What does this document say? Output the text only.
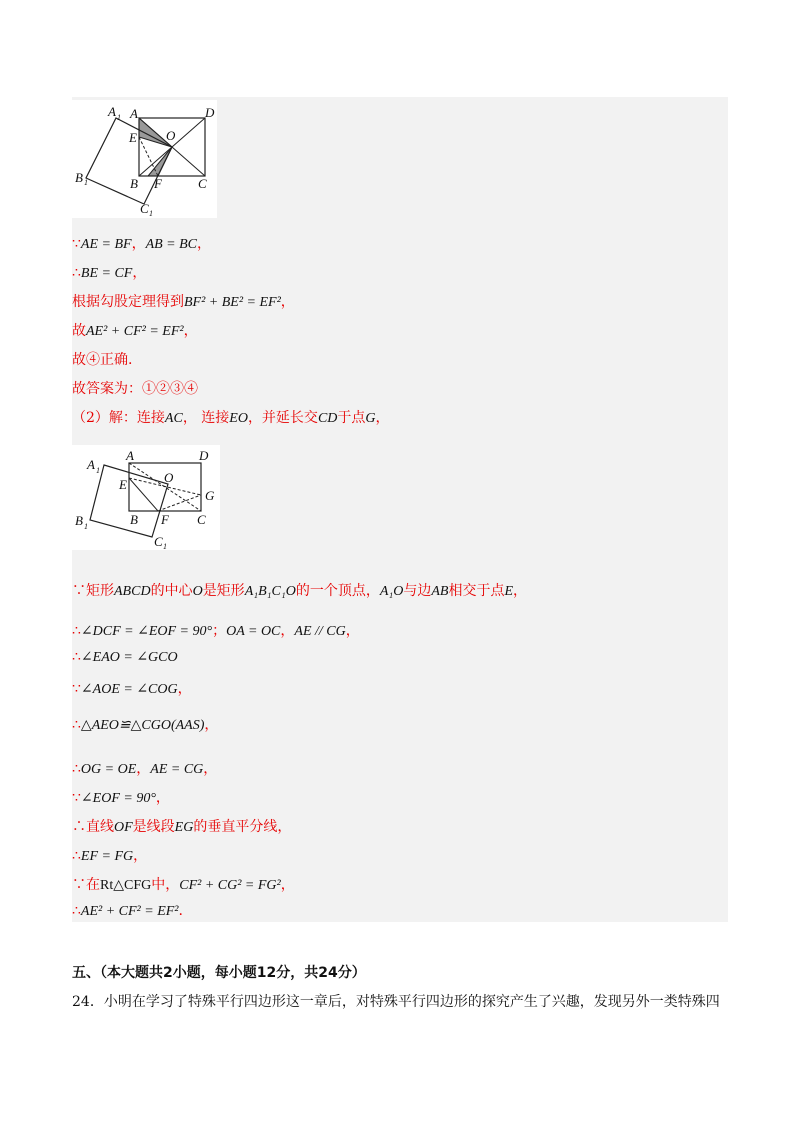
A 1 A	D
O
E
B 1	B F	C
C 1
∵AE = BF，AB = BC，
∴BE = CF，
根据勾股定理得到BF² + BE² = EF²，
故AE² + CF² = EF²，
故④正确.
故答案为：①②③④
（2）解：连接AC， 连接EO，并延长交CD于点G，
A 1
A	D
O
E
G
B 1	B F C
C 1
∵矩形ABCD的中心O是矩形A₁B₁C₁O的一个顶点，A₁O与边AB相交于点E，
∴∠DCF = ∠EOF = 90°；OA = OC，AE // CG，
∴∠EAO = ∠GCO
∵∠AOE = ∠COG，
∴△AEO≌△CGO(AAS)，
∴OG = OE，AE = CG，
∵∠EOF = 90°，
∴直线OF是线段EG的垂直平分线，
∴EF = FG，
∵在Rt△CFG中，CF² + CG² = FG²，
∴AE² + CF² = EF².
五、（本大题共2小题，每小题12分，共24分）
24．小明在学习了特殊平行四边形这一章后，对特殊平行四边形的探究产生了兴趣，发现另外一类特殊四
